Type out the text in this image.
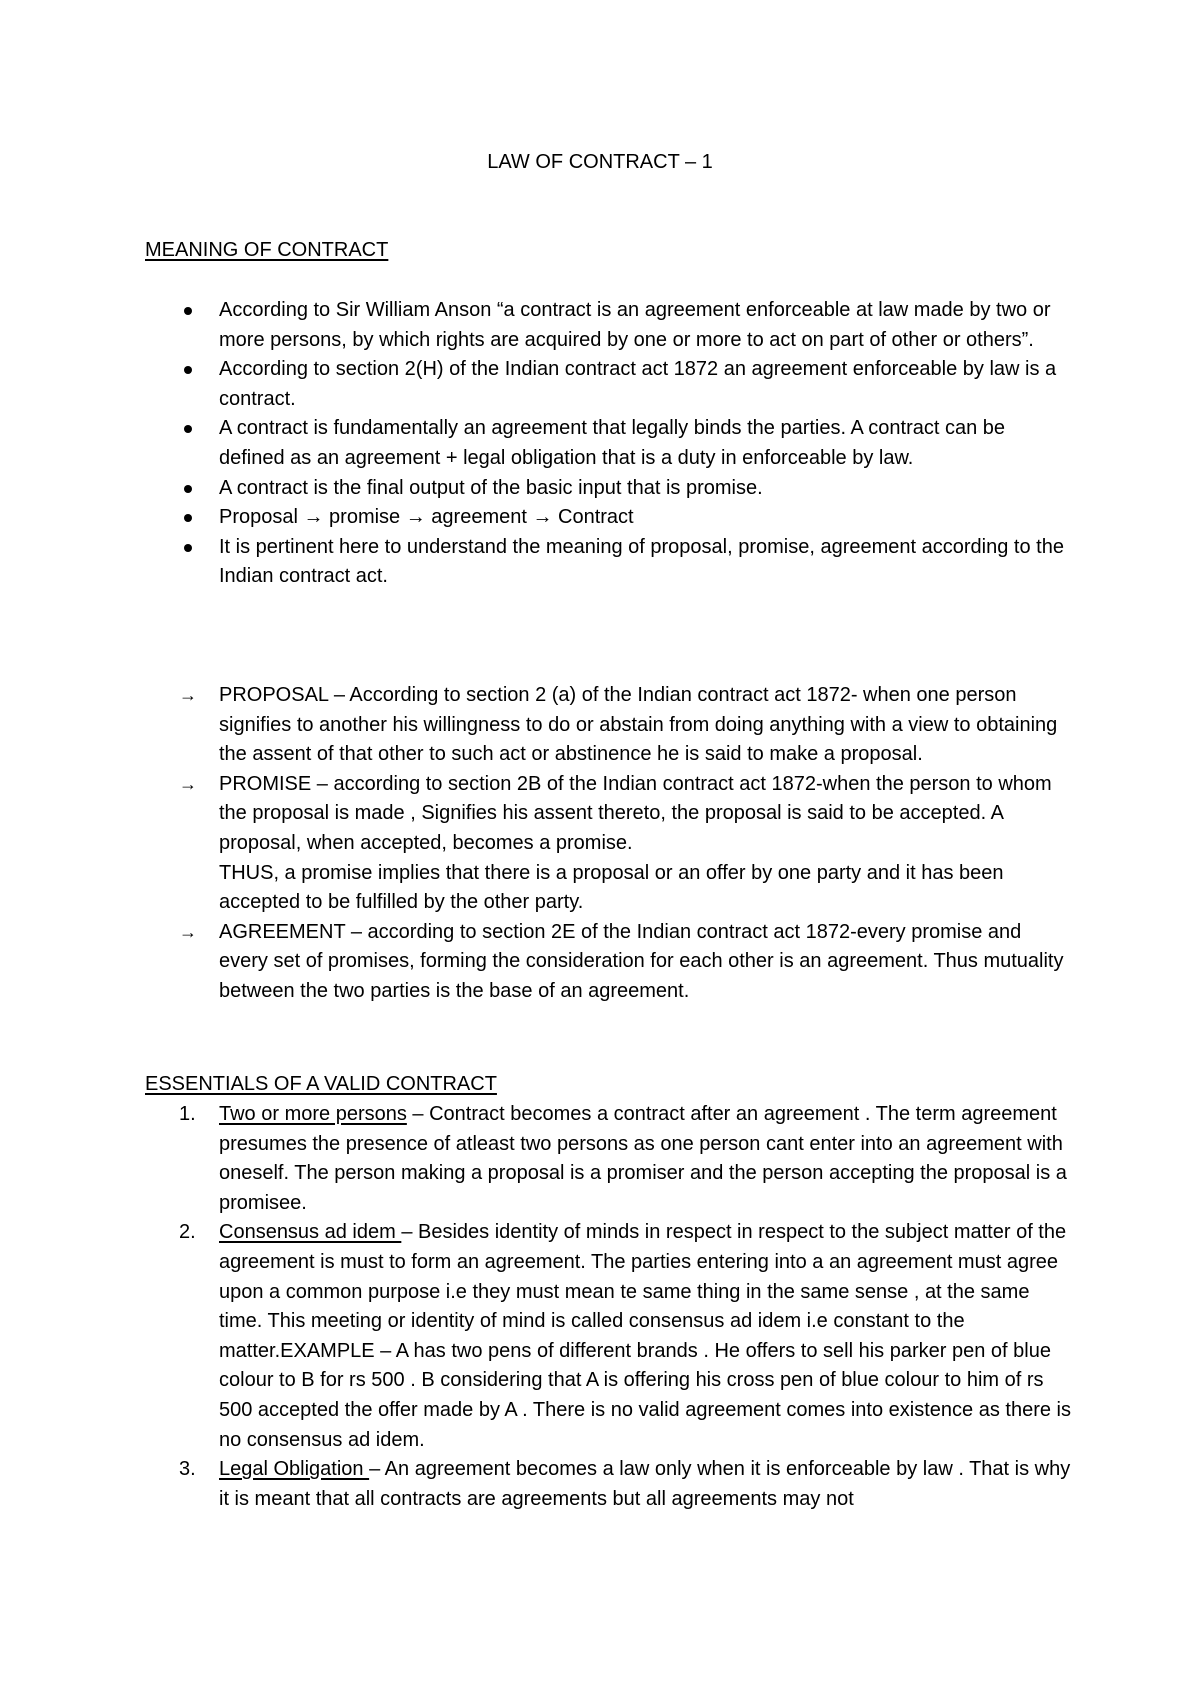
LAW OF CONTRACT – 1
MEANING OF CONTRACT
According to Sir William Anson “a contract is an agreement enforceable at law made by two or more persons, by which rights are acquired by one or more to act on part of other or others”.
According to section 2(H) of the Indian contract act 1872 an agreement enforceable by law is a contract.
A contract is fundamentally an agreement that legally binds the parties. A contract can be defined as an agreement + legal obligation that is a duty in enforceable by law.
A contract is the final output of the basic input that is promise.
Proposal → promise → agreement → Contract
It is pertinent here to understand the meaning of proposal, promise, agreement according to the Indian contract act.
→ PROPOSAL – According to section 2 (a) of the Indian contract act 1872- when one person signifies to another his willingness to do or abstain from doing anything with a view to obtaining the assent of that other to such act or abstinence he is said to make a proposal.
→ PROMISE – according to section 2B of the Indian contract act 1872-when the person to whom the proposal is made , Signifies his assent thereto, the proposal is said to be accepted. A proposal, when accepted, becomes a promise.
THUS, a promise implies that there is a proposal or an offer by one party and it has been accepted to be fulfilled by the other party.
→ AGREEMENT – according to section 2E of the Indian contract act 1872-every promise and every set of promises, forming the consideration for each other is an agreement. Thus mutuality between the two parties is the base of an agreement.
ESSENTIALS OF A VALID CONTRACT
1. Two or more persons – Contract becomes a contract after an agreement . The term agreement presumes the presence of atleast two persons as one person cant enter into an agreement with oneself. The person making a proposal is a promiser and the person accepting the proposal is a promisee.
2. Consensus ad idem – Besides identity of minds in respect in respect to the subject matter of the agreement is must to form an agreement. The parties entering into a an agreement must agree upon a common purpose i.e they must mean te same thing in the same sense , at the same time. This meeting or identity of mind is called consensus ad idem i.e constant to the matter.EXAMPLE – A has two pens of different brands . He offers to sell his parker pen of blue colour to B for rs 500 . B considering that A is offering his cross pen of blue colour to him of rs 500 accepted the offer made by A . There is no valid agreement comes into existence as there is no consensus ad idem.
3. Legal Obligation – An agreement becomes a law only when it is enforceable by law . That is why it is meant that all contracts are agreements but all agreements may not
